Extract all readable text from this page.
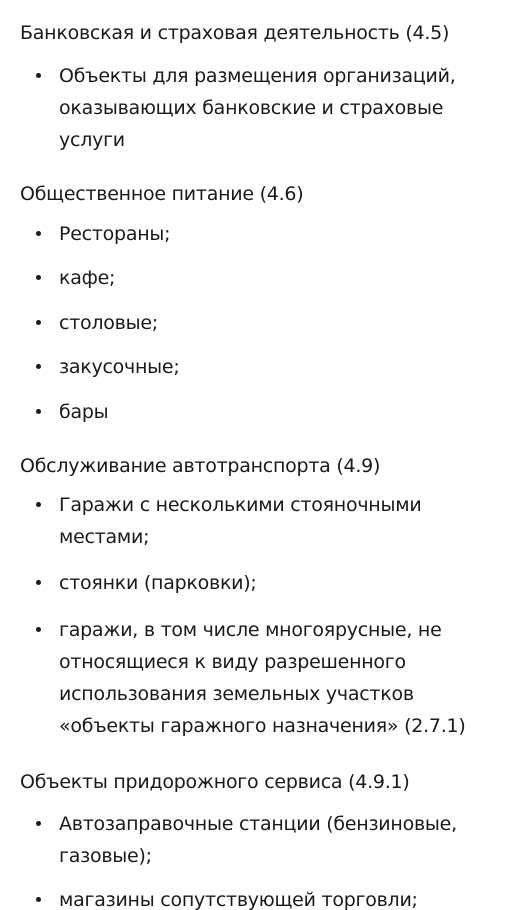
Банковская и страховая деятельность (4.5)
Объекты для размещения организаций,
оказывающих банковские и страховые
услуги
Общественное питание (4.6)
Рестораны;
кафе;
столовые;
закусочные;
бары
Обслуживание автотранспорта (4.9)
Гаражи с несколькими стояночными
местами;
стоянки (парковки);
гаражи, в том числе многоярусные, не
относящиеся к виду разрешенного
использования земельных участков
«объекты гаражного назначения» (2.7.1)
Объекты придорожного сервиса (4.9.1)
Автозаправочные станции (бензиновые,
газовые);
магазины сопутствующей торговли;
